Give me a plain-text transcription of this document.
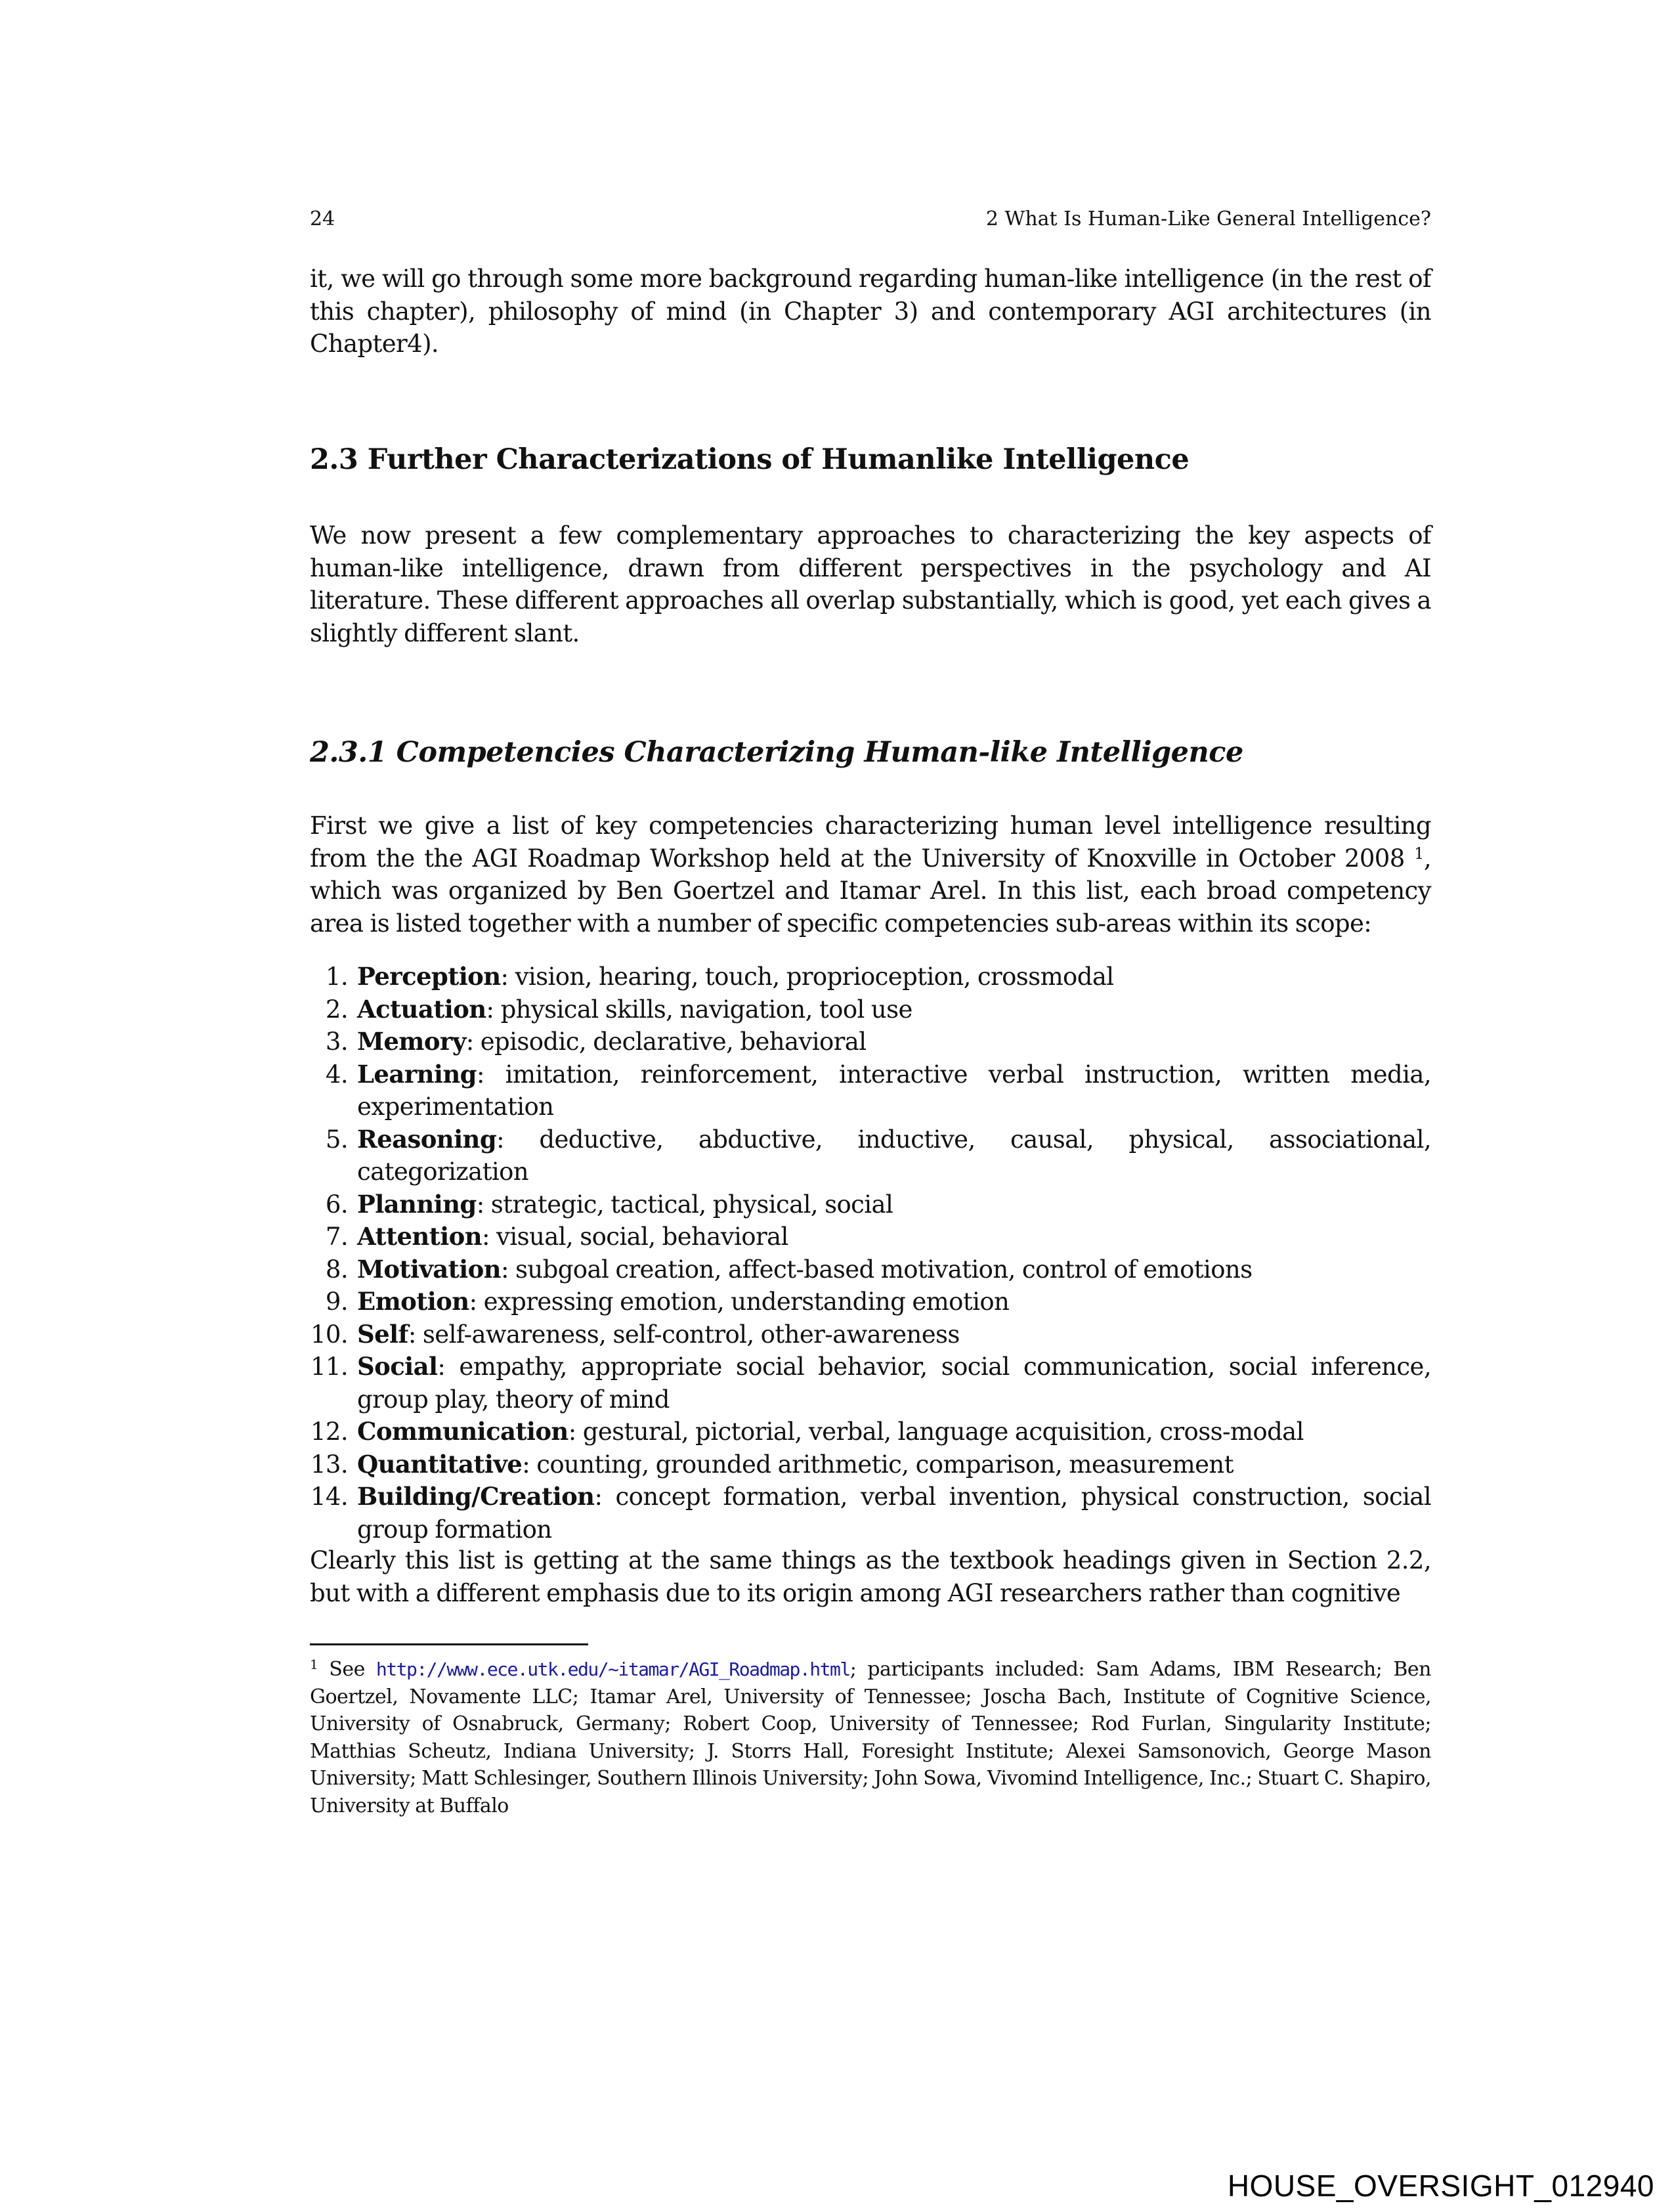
24	2 What Is Human-Like General Intelligence?

it, we will go through some more background regarding human-like intelligence (in the rest of this chapter), philosophy of mind (in Chapter 3) and contemporary AGI architectures (in Chapter4).

2.3 Further Characterizations of Humanlike Intelligence

We now present a few complementary approaches to characterizing the key aspects of human-like intelligence, drawn from different perspectives in the psychology and AI literature. These different approaches all overlap substantially, which is good, yet each gives a slightly different slant.

2.3.1 Competencies Characterizing Human-like Intelligence

First we give a list of key competencies characterizing human level intelligence resulting from the the AGI Roadmap Workshop held at the University of Knoxville in October 2008 $^1$, which was organized by Ben Goertzel and Itamar Arel. In this list, each broad competency area is listed together with a number of specific competencies sub-areas within its scope:

1. Perception: vision, hearing, touch, proprioception, crossmodal
2. Actuation: physical skills, navigation, tool use
3. Memory: episodic, declarative, behavioral
4. Learning: imitation, reinforcement, interactive verbal instruction, written media, experimentation
5. Reasoning: deductive, abductive, inductive, causal, physical, associational, categorization
6. Planning: strategic, tactical, physical, social
7. Attention: visual, social, behavioral
8. Motivation: subgoal creation, affect-based motivation, control of emotions
9. Emotion: expressing emotion, understanding emotion
10. Self: self-awareness, self-control, other-awareness
11. Social: empathy, appropriate social behavior, social communication, social inference, group play, theory of mind
12. Communication: gestural, pictorial, verbal, language acquisition, cross-modal
13. Quantitative: counting, grounded arithmetic, comparison, measurement
14. Building/Creation: concept formation, verbal invention, physical construction, social group formation

Clearly this list is getting at the same things as the textbook headings given in Section 2.2, but with a different emphasis due to its origin among AGI researchers rather than cognitive

$^1$ See http://www.ece.utk.edu/~itamar/AGI_Roadmap.html; participants included: Sam Adams, IBM Research; Ben Goertzel, Novamente LLC; Itamar Arel, University of Tennessee; Joscha Bach, Institute of Cognitive Science, University of Osnabruck, Germany; Robert Coop, University of Tennessee; Rod Furlan, Singularity Institute; Matthias Scheutz, Indiana University; J. Storrs Hall, Foresight Institute; Alexei Samsonovich, George Mason University; Matt Schlesinger, Southern Illinois University; John Sowa, Vivomind Intelligence, Inc.; Stuart C. Shapiro, University at Buffalo

HOUSE_OVERSIGHT_012940
